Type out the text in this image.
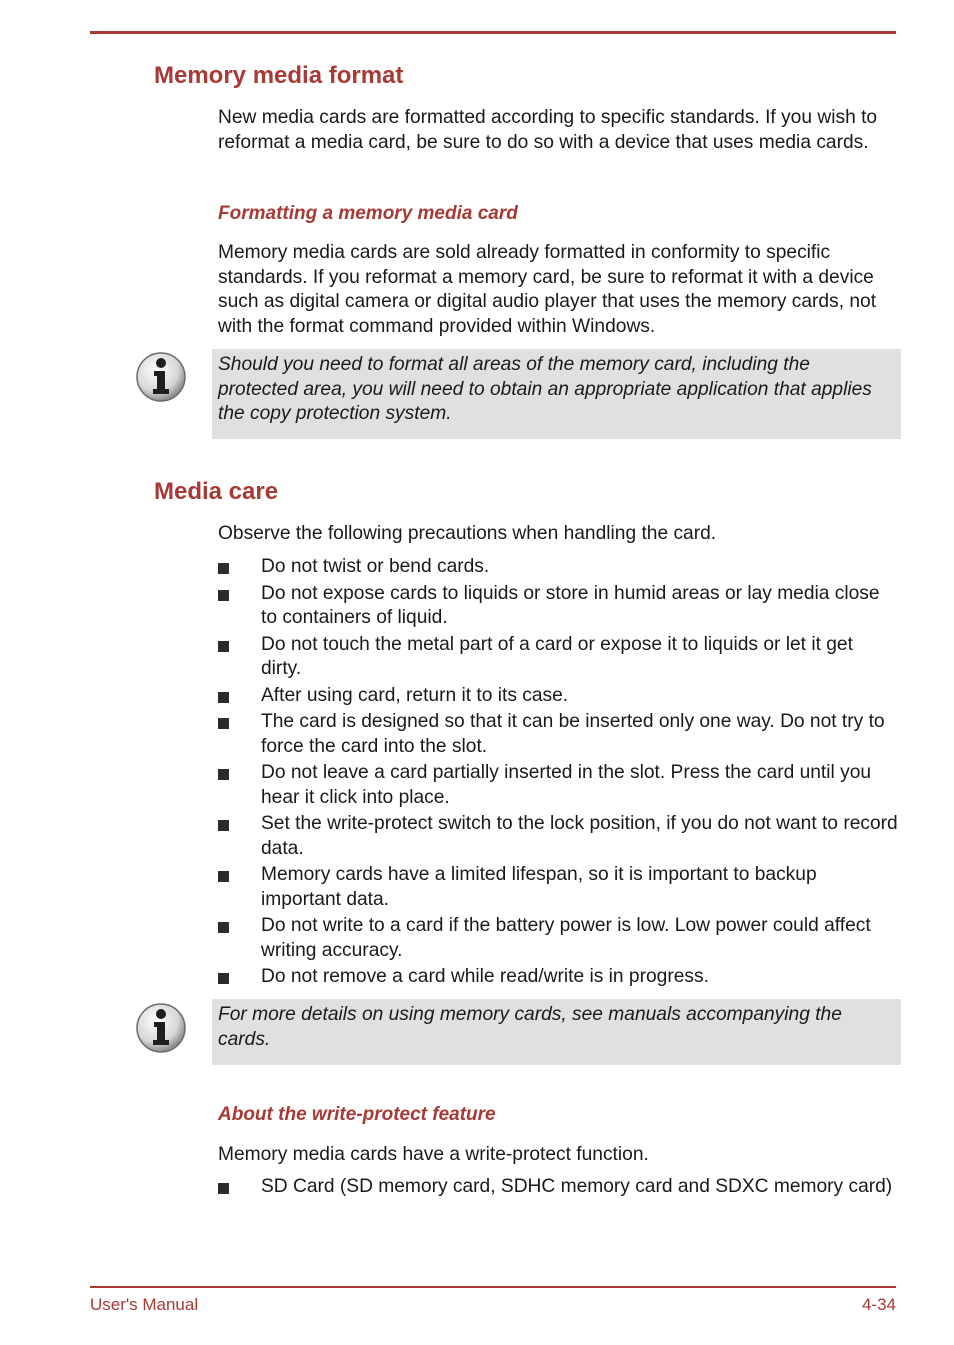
Memory media format

New media cards are formatted according to specific standards. If you wish to reformat a media card, be sure to do so with a device that uses media cards.

Formatting a memory media card

Memory media cards are sold already formatted in conformity to specific standards. If you reformat a memory card, be sure to reformat it with a device such as digital camera or digital audio player that uses the memory cards, not with the format command provided within Windows.

Should you need to format all areas of the memory card, including the protected area, you will need to obtain an appropriate application that applies the copy protection system.

Media care

Observe the following precautions when handling the card.

Do not twist or bend cards.
Do not expose cards to liquids or store in humid areas or lay media close to containers of liquid.
Do not touch the metal part of a card or expose it to liquids or let it get dirty.
After using card, return it to its case.
The card is designed so that it can be inserted only one way. Do not try to force the card into the slot.
Do not leave a card partially inserted in the slot. Press the card until you hear it click into place.
Set the write-protect switch to the lock position, if you do not want to record data.
Memory cards have a limited lifespan, so it is important to backup important data.
Do not write to a card if the battery power is low. Low power could affect writing accuracy.
Do not remove a card while read/write is in progress.

For more details on using memory cards, see manuals accompanying the cards.

About the write-protect feature

Memory media cards have a write-protect function.

SD Card (SD memory card, SDHC memory card and SDXC memory card)
User's Manual	4-34
